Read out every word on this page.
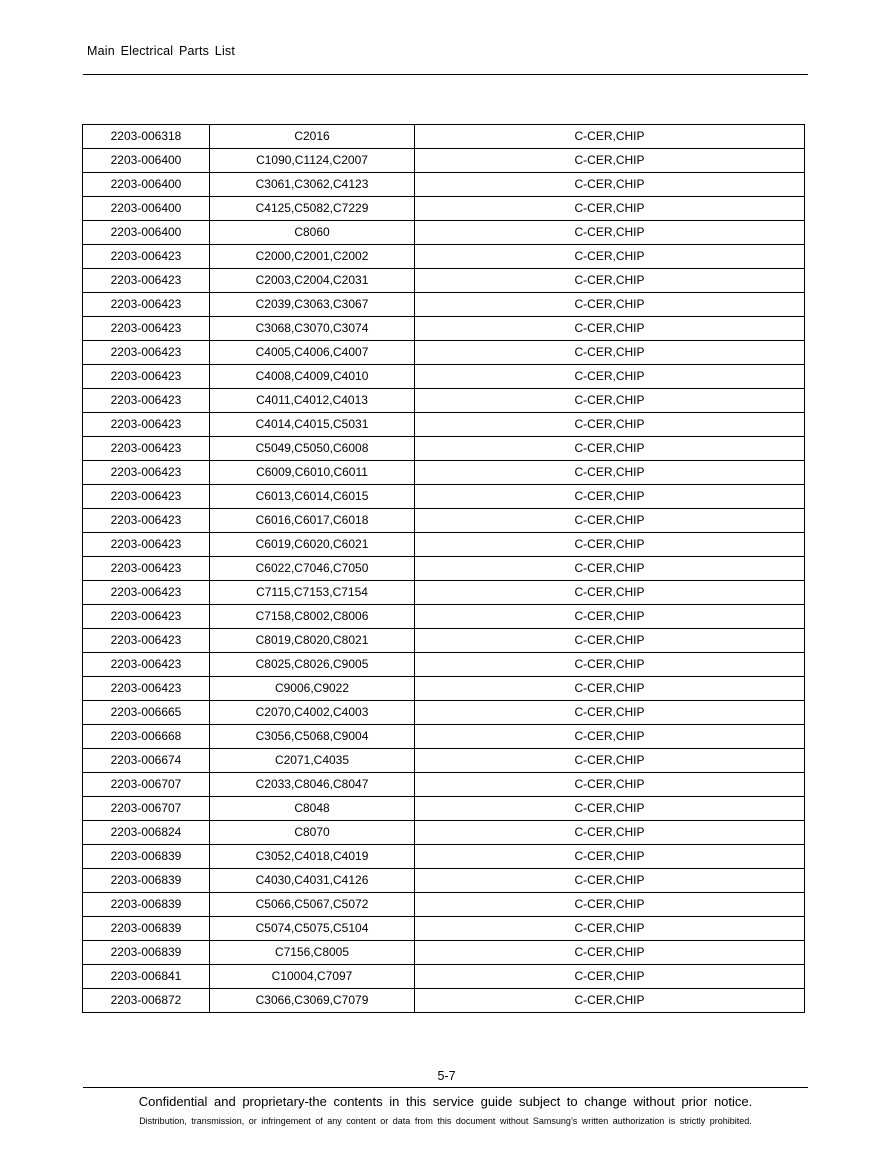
Main Electrical Parts List
2203-006318	C2016	C-CER,CHIP
2203-006400	C1090,C1124,C2007	C-CER,CHIP
2203-006400	C3061,C3062,C4123	C-CER,CHIP
2203-006400	C4125,C5082,C7229	C-CER,CHIP
2203-006400	C8060	C-CER,CHIP
2203-006423	C2000,C2001,C2002	C-CER,CHIP
2203-006423	C2003,C2004,C2031	C-CER,CHIP
2203-006423	C2039,C3063,C3067	C-CER,CHIP
2203-006423	C3068,C3070,C3074	C-CER,CHIP
2203-006423	C4005,C4006,C4007	C-CER,CHIP
2203-006423	C4008,C4009,C4010	C-CER,CHIP
2203-006423	C4011,C4012,C4013	C-CER,CHIP
2203-006423	C4014,C4015,C5031	C-CER,CHIP
2203-006423	C5049,C5050,C6008	C-CER,CHIP
2203-006423	C6009,C6010,C6011	C-CER,CHIP
2203-006423	C6013,C6014,C6015	C-CER,CHIP
2203-006423	C6016,C6017,C6018	C-CER,CHIP
2203-006423	C6019,C6020,C6021	C-CER,CHIP
2203-006423	C6022,C7046,C7050	C-CER,CHIP
2203-006423	C7115,C7153,C7154	C-CER,CHIP
2203-006423	C7158,C8002,C8006	C-CER,CHIP
2203-006423	C8019,C8020,C8021	C-CER,CHIP
2203-006423	C8025,C8026,C9005	C-CER,CHIP
2203-006423	C9006,C9022	C-CER,CHIP
2203-006665	C2070,C4002,C4003	C-CER,CHIP
2203-006668	C3056,C5068,C9004	C-CER,CHIP
2203-006674	C2071,C4035	C-CER,CHIP
2203-006707	C2033,C8046,C8047	C-CER,CHIP
2203-006707	C8048	C-CER,CHIP
2203-006824	C8070	C-CER,CHIP
2203-006839	C3052,C4018,C4019	C-CER,CHIP
2203-006839	C4030,C4031,C4126	C-CER,CHIP
2203-006839	C5066,C5067,C5072	C-CER,CHIP
2203-006839	C5074,C5075,C5104	C-CER,CHIP
2203-006839	C7156,C8005	C-CER,CHIP
2203-006841	C10004,C7097	C-CER,CHIP
2203-006872	C3066,C3069,C7079	C-CER,CHIP
5-7
Confidential and proprietary-the contents in this service guide subject to change without prior notice.
Distribution, transmission, or infringement of any content or data from this document without Samsung’s written authorization is strictly prohibited.
